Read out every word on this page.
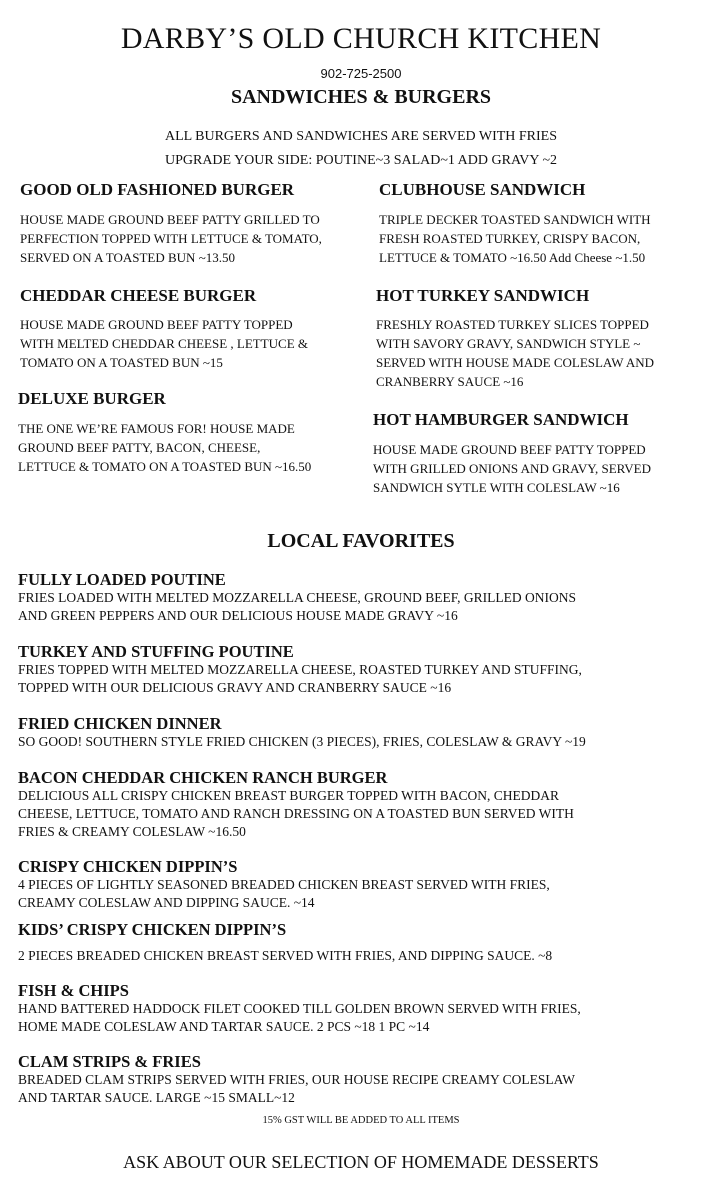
DARBY’S OLD CHURCH KITCHEN
902-725-2500
SANDWICHES & BURGERS
ALL BURGERS AND SANDWICHES ARE SERVED WITH FRIES
UPGRADE YOUR SIDE: POUTINE~3 SALAD~1 ADD GRAVY ~2
GOOD OLD FASHIONED BURGER
HOUSE MADE GROUND BEEF PATTY GRILLED TO
PERFECTION TOPPED WITH LETTUCE & TOMATO,
SERVED ON A TOASTED BUN ~13.50
CHEDDAR CHEESE BURGER
HOUSE MADE GROUND BEEF PATTY TOPPED
WITH MELTED CHEDDAR CHEESE , LETTUCE &
TOMATO ON A TOASTED BUN ~15
DELUXE BURGER
THE ONE WE’RE FAMOUS FOR! HOUSE MADE
GROUND BEEF PATTY, BACON, CHEESE,
LETTUCE & TOMATO ON A TOASTED BUN ~16.50
CLUBHOUSE SANDWICH
TRIPLE DECKER TOASTED SANDWICH WITH
FRESH ROASTED TURKEY, CRISPY BACON,
LETTUCE & TOMATO ~16.50 Add Cheese ~1.50
HOT TURKEY SANDWICH
FRESHLY ROASTED TURKEY SLICES TOPPED
WITH SAVORY GRAVY, SANDWICH STYLE ~
SERVED WITH HOUSE MADE COLESLAW AND
CRANBERRY SAUCE ~16
HOT HAMBURGER SANDWICH
HOUSE MADE GROUND BEEF PATTY TOPPED
WITH GRILLED ONIONS AND GRAVY, SERVED
SANDWICH SYTLE WITH COLESLAW ~16
LOCAL FAVORITES
FULLY LOADED POUTINE
FRIES LOADED WITH MELTED MOZZARELLA CHEESE, GROUND BEEF, GRILLED ONIONS
AND GREEN PEPPERS AND OUR DELICIOUS HOUSE MADE GRAVY ~16
TURKEY AND STUFFING POUTINE
FRIES TOPPED WITH MELTED MOZZARELLA CHEESE, ROASTED TURKEY AND STUFFING,
TOPPED WITH OUR DELICIOUS GRAVY AND CRANBERRY SAUCE ~16
FRIED CHICKEN DINNER
SO GOOD! SOUTHERN STYLE FRIED CHICKEN (3 PIECES), FRIES, COLESLAW & GRAVY ~19
BACON CHEDDAR CHICKEN RANCH BURGER
DELICIOUS ALL CRISPY CHICKEN BREAST BURGER TOPPED WITH BACON, CHEDDAR
CHEESE, LETTUCE, TOMATO AND RANCH DRESSING ON A TOASTED BUN SERVED WITH
FRIES & CREAMY COLESLAW ~16.50
CRISPY CHICKEN DIPPIN’S
4 PIECES OF LIGHTLY SEASONED BREADED CHICKEN BREAST SERVED WITH FRIES,
CREAMY COLESLAW AND DIPPING SAUCE. ~14
KIDS’ CRISPY CHICKEN DIPPIN’S
2 PIECES BREADED CHICKEN BREAST SERVED WITH FRIES, AND DIPPING SAUCE. ~8
FISH & CHIPS
HAND BATTERED HADDOCK FILET COOKED TILL GOLDEN BROWN SERVED WITH FRIES,
HOME MADE COLESLAW AND TARTAR SAUCE. 2 PCS ~18 1 PC ~14
CLAM STRIPS & FRIES
BREADED CLAM STRIPS SERVED WITH FRIES, OUR HOUSE RECIPE CREAMY COLESLAW
AND TARTAR SAUCE. LARGE ~15 SMALL~12
15% GST WILL BE ADDED TO ALL ITEMS
ASK ABOUT OUR SELECTION OF HOMEMADE DESSERTS
